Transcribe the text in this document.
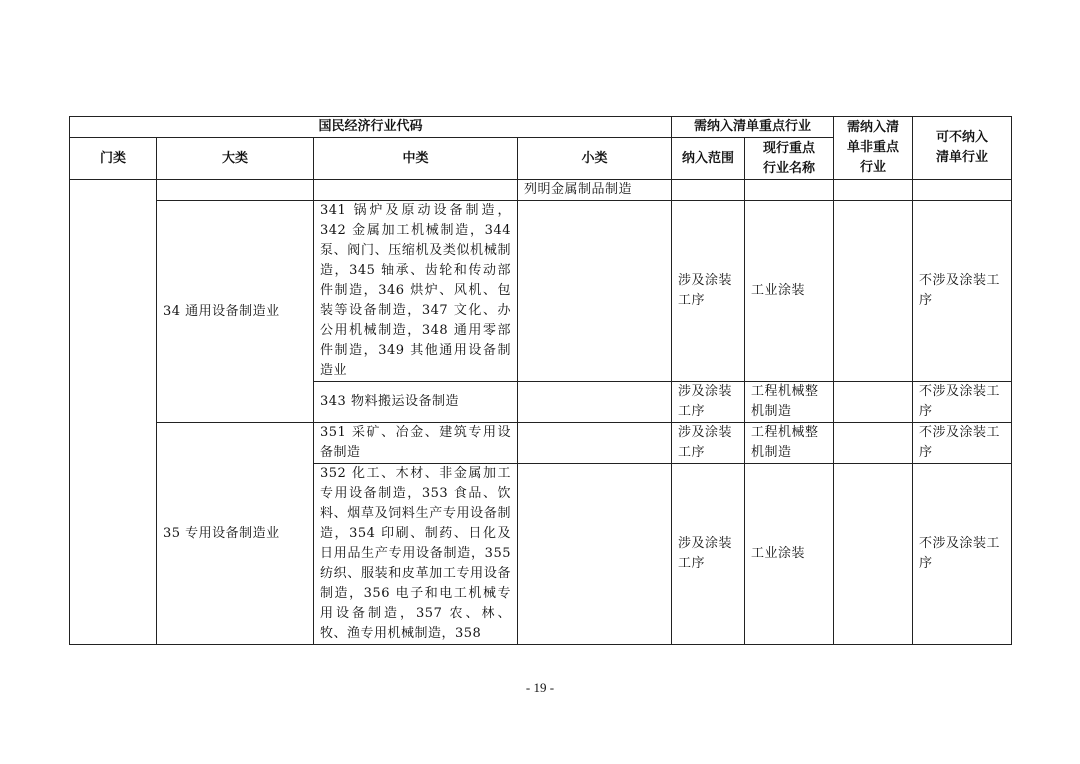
国民经济行业代码				需纳入清单重点行业		需纳入清单非重点行业	可不纳入清单行业

门类	大类	中类	小类	纳入范围	现行重点行业名称		

			列明金属制品制造				

	34 通用设备制造业	341 锅炉及原动设备制造，342 金属加工机械制造，344 泵、阀门、压缩机及类似机械制造，345 轴承、齿轮和传动部件制造，346 烘炉、风机、包装等设备制造，347 文化、办公用机械制造，348 通用零部件制造，349 其他通用设备制造业		涉及涂装工序	工业涂装		不涉及涂装工序

		343 物料搬运设备制造		涉及涂装工序	工程机械整机制造		不涉及涂装工序

	35 专用设备制造业	351 采矿、冶金、建筑专用设备制造		涉及涂装工序	工程机械整机制造		不涉及涂装工序

		352 化工、木材、非金属加工专用设备制造，353 食品、饮料、烟草及饲料生产专用设备制造，354 印刷、制药、日化及日用品生产专用设备制造，355 纺织、服装和皮革加工专用设备制造，356 电子和电工机械专用设备制造，357 农、林、牧、渔专用机械制造，358		涉及涂装工序	工业涂装		不涉及涂装工序
- 19 -
